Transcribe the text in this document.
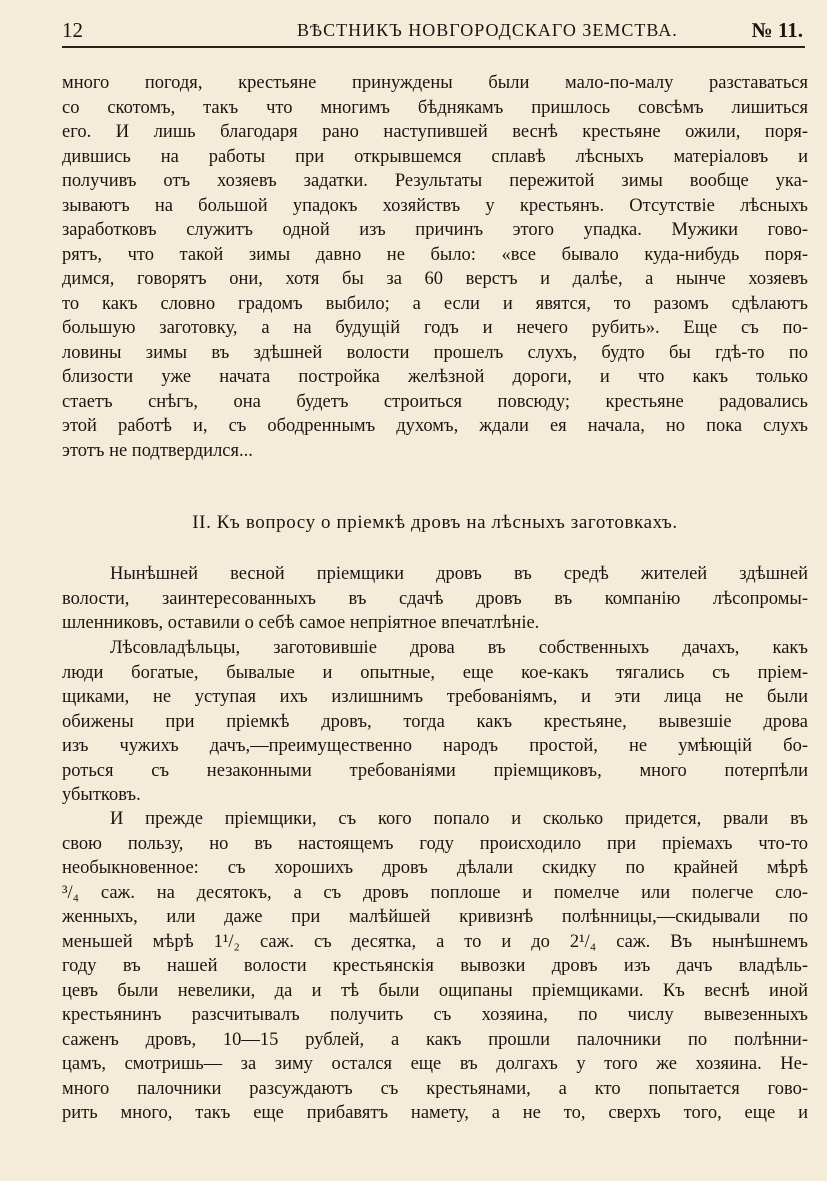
12	ВѢСТНИКЪ НОВГОРОДСКАГО ЗЕМСТВА.	№ 11.
много погодя, крестьяне принуждены были мало-по-малу разставаться
со скотомъ, такъ что многимъ бѣднякамъ пришлось совсѣмъ лишиться
его. И лишь благодаря рано наступившей веснѣ крестьяне ожили, поря-
дившись на работы при открывшемся сплавѣ лѣсныхъ матеріаловъ и
получивъ отъ хозяевъ задатки. Результаты пережитой зимы вообще ука-
зываютъ на большой упадокъ хозяйствъ у крестьянъ. Отсутствіе лѣсныхъ
заработковъ служитъ одной изъ причинъ этого упадка. Мужики гово-
рятъ, что такой зимы давно не было: «все бывало куда-нибудь поря-
димся, говорятъ они, хотя бы за 60 верстъ и далѣе, а нынче хозяевъ
то какъ словно градомъ выбило; а если и явятся, то разомъ сдѣлаютъ
большую заготовку, а на будущій годъ и нечего рубить». Еще съ по-
ловины зимы въ здѣшней волости прошелъ слухъ, будто бы гдѣ-то по
близости уже начата постройка желѣзной дороги, и что какъ только
стаетъ снѣгъ, она будетъ строиться повсюду; крестьяне радовались
этой работѣ и, съ ободреннымъ духомъ, ждали ея начала, но пока слухъ
этотъ не подтвердился...
II. Къ вопросу о пріемкѣ дровъ на лѣсныхъ заготовкахъ.
Нынѣшней весной пріемщики дровъ въ средѣ жителей здѣшней
волости, заинтересованныхъ въ сдачѣ дровъ въ компанію лѣсопромы-
шленниковъ, оставили о себѣ самое непріятное впечатлѣніе.
Лѣсовладѣльцы, заготовившіе дрова въ собственныхъ дачахъ, какъ
люди богатые, бывалые и опытные, еще кое-какъ тягались съ пріем-
щиками, не уступая ихъ излишнимъ требованіямъ, и эти лица не были
обижены при пріемкѣ дровъ, тогда какъ крестьяне, вывезшіе дрова
изъ чужихъ дачъ,—преимущественно народъ простой, не умѣющій бо-
роться съ незаконными требованіями пріемщиковъ, много потерпѣли
убытковъ.
И прежде пріемщики, съ кого попало и сколько придется, рвали въ
свою пользу, но въ настоящемъ году происходило при пріемахъ что-то
необыкновенное: съ хорошихъ дровъ дѣлали скидку по крайней мѣрѣ
³/₄ саж. на десятокъ, а съ дровъ поплоше и помелче или полегче сло-
женныхъ, или даже при малѣйшей кривизнѣ полѣнницы,—скидывали по
меньшей мѣрѣ 1¹/₂ саж. съ десятка, а то и до 2¹/₄ саж. Въ нынѣшнемъ
году въ нашей волости крестьянскія вывозки дровъ изъ дачъ владѣль-
цевъ были невелики, да и тѣ были ощипаны пріемщиками. Къ веснѣ иной
крестьянинъ разсчитывалъ получить съ хозяина, по числу вывезенныхъ
саженъ дровъ, 10—15 рублей, а какъ прошли палочники по полѣнни-
цамъ, смотришь— за зиму остался еще въ долгахъ у того же хозяина. Не-
много палочники разсуждаютъ съ крестьянами, а кто попытается гово-
рить много, такъ еще прибавятъ намету, а не то, сверхъ того, еще и
